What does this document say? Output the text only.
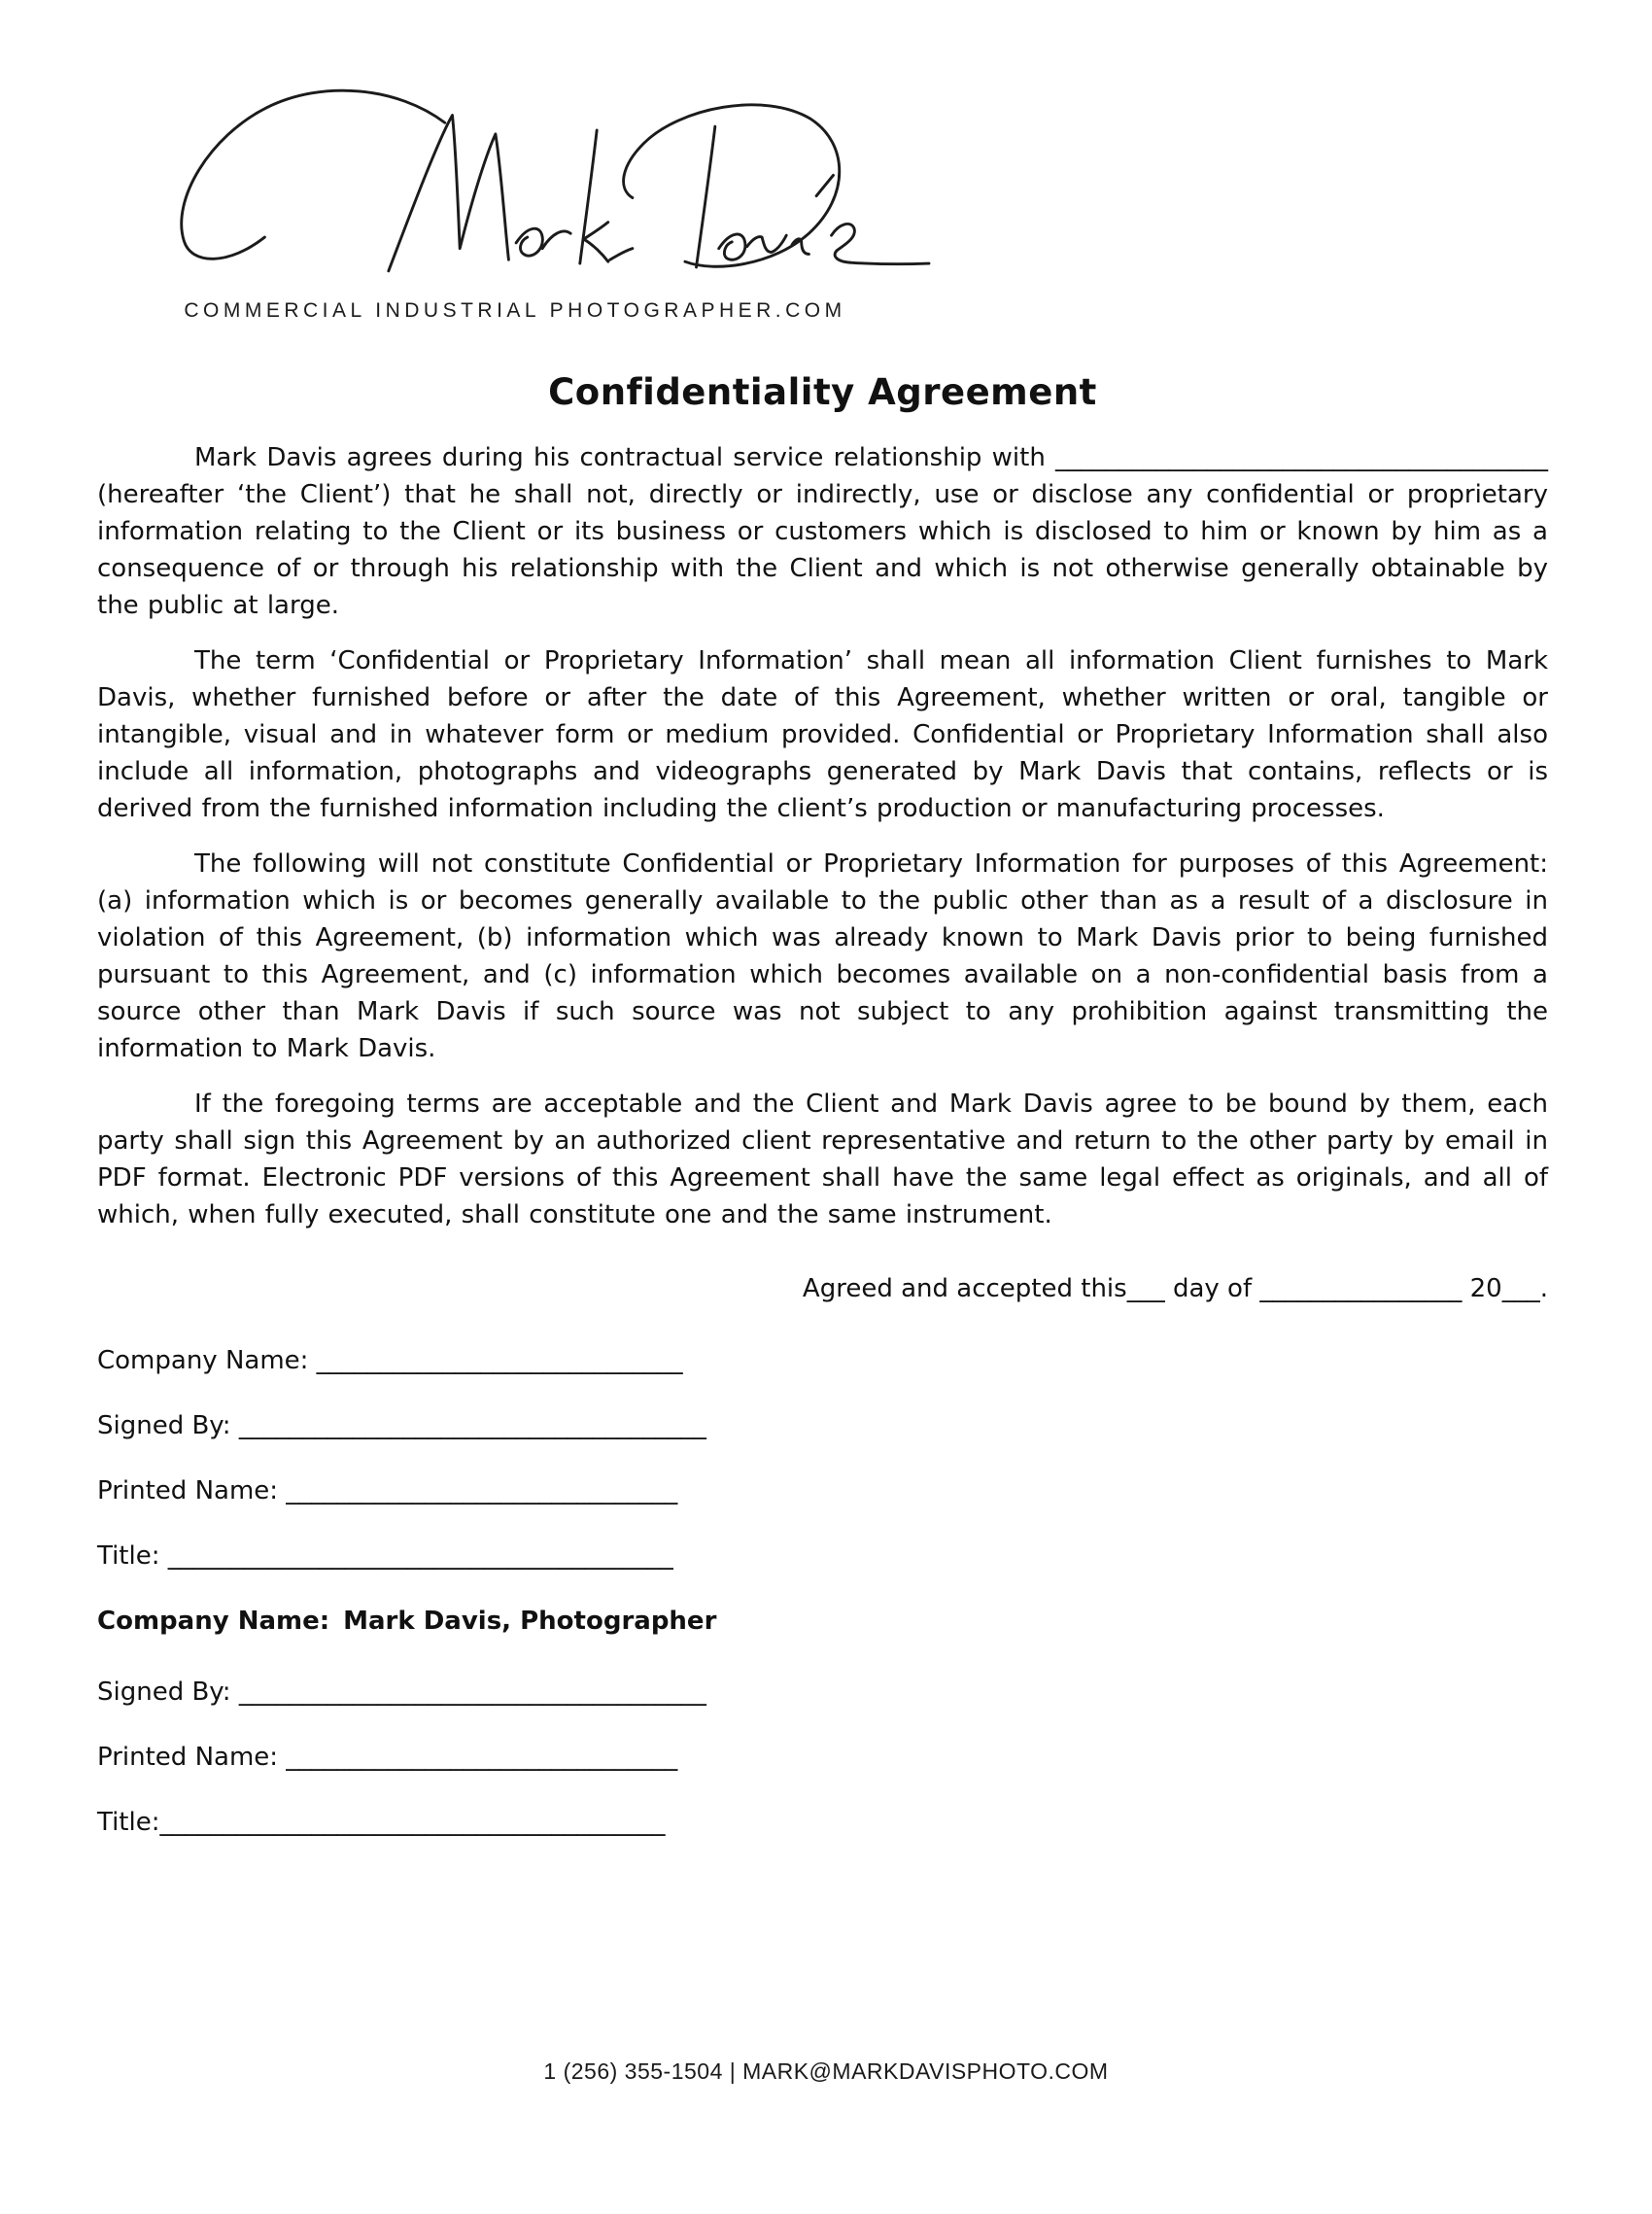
COMMERCIAL INDUSTRIAL PHOTOGRAPHER.COM
Confidentiality Agreement

Mark Davis agrees during his contractual service relationship with _______________________________________ (hereafter ‘the Client’) that he shall not, directly or indirectly, use or disclose any confidential or proprietary information relating to the Client or its business or customers which is disclosed to him or known by him as a consequence of or through his relationship with the Client and which is not otherwise generally obtainable by the public at large.

The term ‘Confidential or Proprietary Information’ shall mean all information Client furnishes to Mark Davis, whether furnished before or after the date of this Agreement, whether written or oral, tangible or intangible, visual and in whatever form or medium provided. Confidential or Proprietary Information shall also include all information, photographs and videographs generated by Mark Davis that contains, reflects or is derived from the furnished information including the client’s production or manufacturing processes.

The following will not constitute Confidential or Proprietary Information for purposes of this Agreement: (a) information which is or becomes generally available to the public other than as a result of a disclosure in violation of this Agreement, (b) information which was already known to Mark Davis prior to being furnished pursuant to this Agreement, and (c) information which becomes available on a non-confidential basis from a source other than Mark Davis if such source was not subject to any prohibition against transmitting the information to Mark Davis.

If the foregoing terms are acceptable and the Client and Mark Davis agree to be bound by them, each party shall sign this Agreement by an authorized client representative and return to the other party by email in PDF format. Electronic PDF versions of this Agreement shall have the same legal effect as originals, and all of which, when fully executed, shall constitute one and the same instrument.

Agreed and accepted this___ day of ________________ 20___.

Company Name: _____________________________
Signed By: _____________________________________
Printed Name: _______________________________
Title: ________________________________________
Company Name: Mark Davis, Photographer
Signed By: _____________________________________
Printed Name: _______________________________
Title:________________________________________
1 (256) 355-1504 | MARK@MARKDAVISPHOTO.COM
